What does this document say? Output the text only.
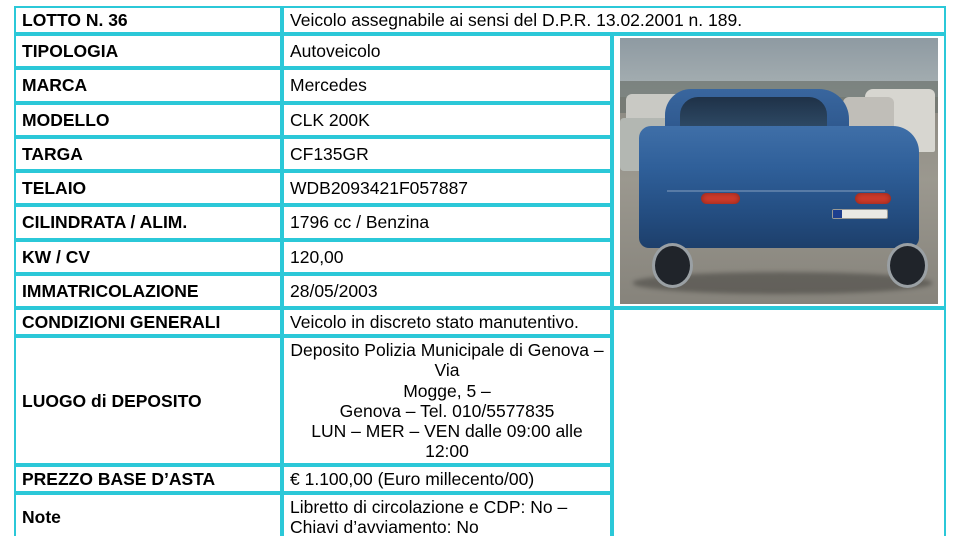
LOTTO N. 36	Veicolo assegnabile ai sensi del D.P.R. 13.02.2001 n. 189.	
TIPOLOGIA	Autoveicolo	

MARCA	Mercedes	
MODELLO	CLK 200K	
TARGA	CF135GR	
TELAIO	WDB2093421F057887	
CILINDRATA / ALIM.	1796 cc / Benzina	
KW / CV	120,00	
IMMATRICOLAZIONE	28/05/2003	
CONDIZIONI GENERALI	Veicolo in discreto stato manutentivo.	
LUOGO di DEPOSITO	Deposito Polizia Municipale di Genova – Via
Mogge, 5 –
Genova – Tel. 010/5577835
LUN – MER – VEN dalle 09:00 alle 12:00	

PREZZO BASE D’ASTA	€ 1.100,00 (Euro millecento/00)	
Note	Libretto di circolazione e CDP: No – Chiavi d’avviamento: No	
